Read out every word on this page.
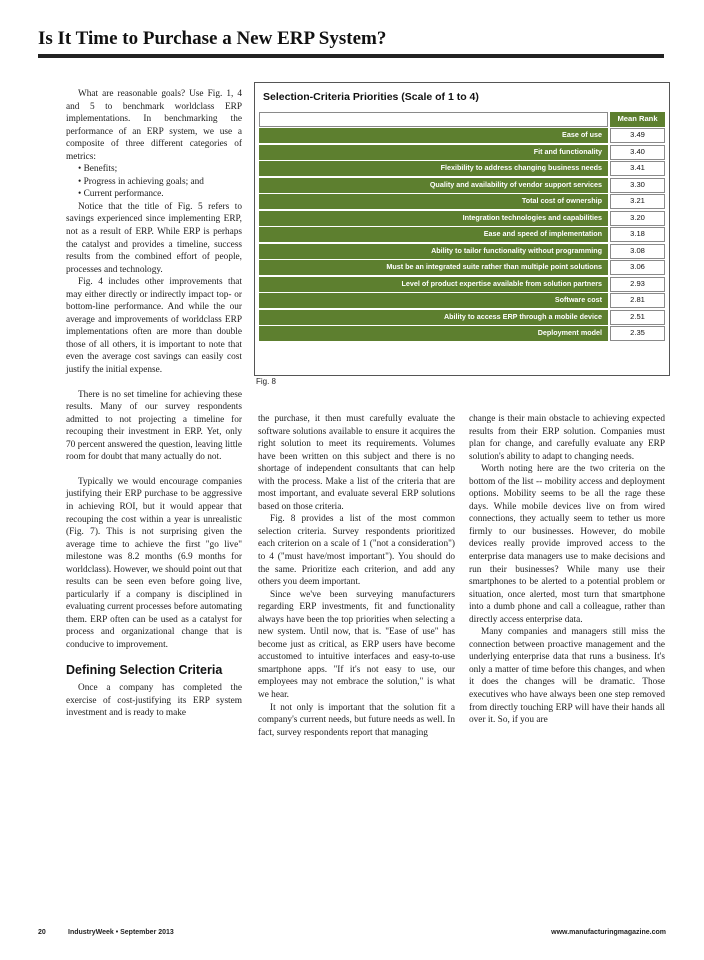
Is It Time to Purchase a New ERP System?

What are reasonable goals? Use Fig. 1, 4 and 5 to benchmark worldclass ERP implementations. In benchmarking the performance of an ERP system, we use a composite of three different categories of metrics:

• Benefits;
• Progress in achieving goals; and
• Current performance.

Notice that the title of Fig. 5 refers to savings experienced since implementing ERP, not as a result of ERP. While ERP is perhaps the catalyst and provides a timeline, success results from the combined effort of people, processes and technology.

Fig. 4 includes other improvements that may either directly or indirectly impact top- or bottom-line performance. And while the our average and improvements of worldclass ERP implementations often are more than double those of all others, it is important to note that even the average cost savings can easily cost justify the initial expense.

There is no set timeline for achieving these results. Many of our survey respondents admitted to not projecting a timeline for recouping their investment in ERP. Yet, only 70 percent answered the question, leaving little room for doubt that many actually do not.

Typically we would encourage companies justifying their ERP purchase to be aggressive in achieving ROI, but it would appear that recouping the cost within a year is unrealistic (Fig. 7). This is not surprising given the average time to achieve the first "go live" milestone was 8.2 months (6.9 months for worldclass). However, we should point out that results can be seen even before going live, particularly if a company is disciplined in evaluating current processes before automating them. ERP often can be used as a catalyst for process and organizational change that is conducive to improvement.

Defining Selection Criteria

Once a company has completed the exercise of cost-justifying its ERP system investment and is ready to make

the purchase, it then must carefully evaluate the software solutions available to ensure it acquires the right solution to meet its requirements. Volumes have been written on this subject and there is no shortage of independent consultants that can help with the process. Make a list of the criteria that are most important, and evaluate several ERP solutions based on those criteria.

Fig. 8 provides a list of the most common selection criteria. Survey respondents prioritized each criterion on a scale of 1 ("not a consideration") to 4 ("must have/most important"). You should do the same. Prioritize each criterion, and add any others you deem important.

Since we've been surveying manufacturers regarding ERP investments, fit and functionality always have been the top priorities when selecting a new system. Until now, that is. "Ease of use" has become just as critical, as ERP users have become accustomed to intuitive interfaces and easy-to-use smartphone apps. "If it's not easy to use, our employees may not embrace the solution," is what we hear.

It not only is important that the solution fit a company's current needs, but future needs as well. In fact, survey respondents report that managing

change is their main obstacle to achieving expected results from their ERP solution. Companies must plan for change, and carefully evaluate any ERP solution's ability to adapt to changing needs.

Worth noting here are the two criteria on the bottom of the list -- mobility access and deployment options. Mobility seems to be all the rage these days. While mobile devices live on from wired connections, they actually seem to tether us more firmly to our businesses. However, do mobile devices really provide improved access to the enterprise data managers use to make decisions and run their businesses? While many use their smartphones to be alerted to a potential problem or situation, once alerted, most turn that smartphone into a dumb phone and call a colleague, rather than directly access enterprise data.

Many companies and managers still miss the connection between proactive management and the underlying enterprise data that runs a business. It's only a matter of time before this changes, and when it does the changes will be dramatic. Those executives who have always been one step removed from directly touching ERP will have their hands all over it. So, if you are

Selection-Criteria Priorities (Scale of 1 to 4)
Mean Rank
Ease of use	3.49
Fit and functionality	3.40
Flexibility to address changing business needs	3.41
Quality and availability of vendor support services	3.30
Total cost of ownership	3.21
Integration technologies and capabilities	3.20
Ease and speed of implementation	3.18
Ability to tailor functionality without programming	3.08
Must be an integrated suite rather than multiple point solutions	3.06
Level of product expertise available from solution partners	2.93
Software cost	2.81
Ability to access ERP through a mobile device	2.51
Deployment model	2.35
Fig. 8
20	IndustryWeek • September 2013	www.manufacturingmagazine.com
